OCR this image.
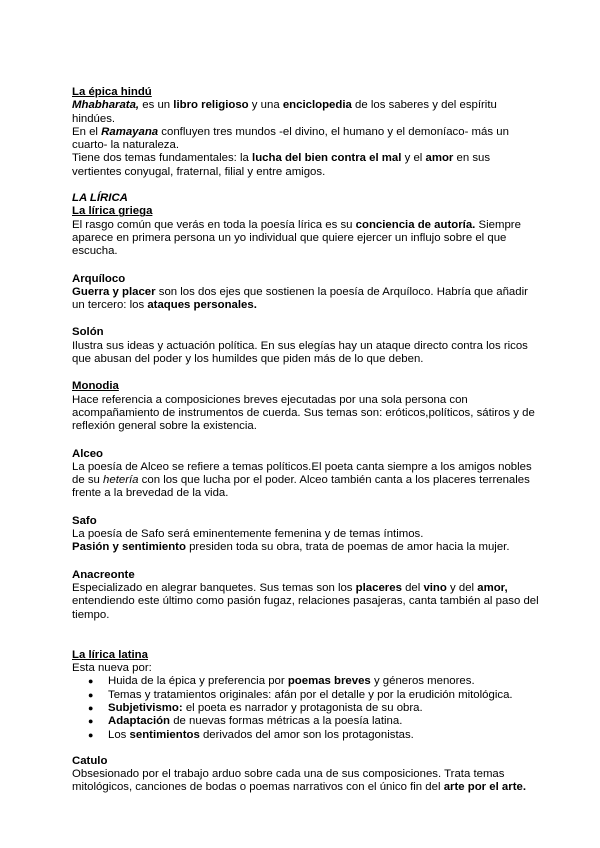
La épica hindú

Mhabharata, es un libro religioso y una enciclopedia de los saberes y del espíritu hindúes.

En el Ramayana confluyen tres mundos -el divino, el humano y el demoníaco- más un cuarto- la naturaleza.

Tiene dos temas fundamentales: la lucha del bien contra el mal y el amor en sus vertientes conyugal, fraternal, filial y entre amigos.

LA LÍRICA

La lírica griega

El rasgo común que verás en toda la poesía lírica es su conciencia de autoría. Siempre aparece en primera persona un yo individual que quiere ejercer un influjo sobre el que escucha.

Arquíloco

Guerra y placer son los dos ejes que sostienen la poesía de Arquíloco. Habría que añadir un tercero: los ataques personales.

Solón

Ilustra sus ideas y actuación política. En sus elegías hay un ataque directo contra los ricos que abusan del poder y los humildes que piden más de lo que deben.

Monodia

Hace referencia a composiciones breves ejecutadas por una sola persona con acompañamiento de instrumentos de cuerda. Sus temas son: eróticos,políticos, sátiros y de reflexión general sobre la existencia.

Alceo

La poesía de Alceo se refiere a temas políticos.El poeta canta siempre a los amigos nobles de su hetería con los que lucha por el poder. Alceo también canta a los placeres terrenales frente a la brevedad de la vida.

Safo

La poesía de Safo será eminentemente femenina y de temas íntimos.

Pasión y sentimiento presiden toda su obra, trata de poemas de amor hacia la mujer.

Anacreonte

Especializado en alegrar banquetes. Sus temas son los placeres del vino y del amor, entendiendo este último como pasión fugaz, relaciones pasajeras, canta también al paso del tiempo.

La lírica latina

Esta nueva por:

● Huida de la épica y preferencia por poemas breves y géneros menores.
● Temas y tratamientos originales: afán por el detalle y por la erudición mitológica.
● Subjetivismo: el poeta es narrador y protagonista de su obra.
● Adaptación de nuevas formas métricas a la poesía latina.
● Los sentimientos derivados del amor son los protagonistas.

Catulo

Obsesionado por el trabajo arduo sobre cada una de sus composiciones. Trata temas mitológicos, canciones de bodas o poemas narrativos con el único fin del arte por el arte.
